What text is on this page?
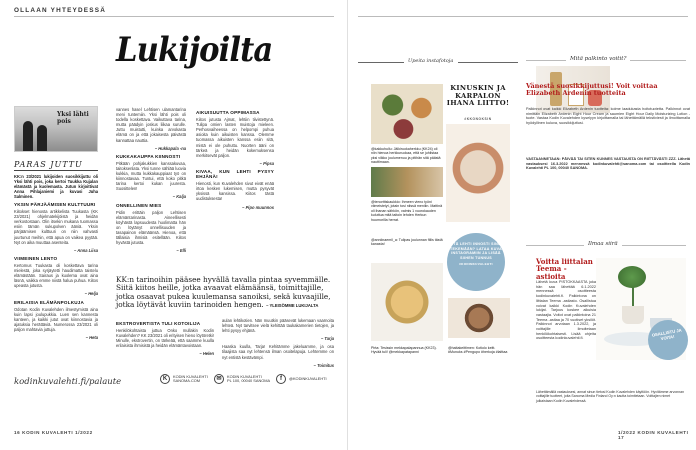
OLLAAN YHTEYDESSÄ
Lukijoilta
Yksi lähti pois
PARAS JUTTU
KK:n 23/2021 lukijoiden suosikkijuttu oli Yksi lähti pois, joka kertoi Tuukka Kujalan elämästä ja kuolemasta. Jutun kirjoittivat Anna Pihlajaniemi ja kuvasi Juha Salminen.
YKSIN PÄRJÄÄMISEN KULTTUURI

Kiitokset hienosta artikkelista Tuukasta (KK 23/2021) ohjelmatekijöistä ja heidän verkostostaan. Olin itsekin mukana tuomassa esiin tämän sukupolven ääniä. Yksin pärjäämisen kulttuuri on niin vahvasti juurtunut meihin, että apua on vaikea pyytää. Nyt on aika muuttaa asenteita.

– Anna Liisa

VIIMEINEN LENTO

Kertomus Tuukasta oli koskettava tarina mielestä, joka syrjäytetti haudimatta taistelu elämästään. Sairaus ja kuolema ovat aina läsnä, vaikka emme niistä halua puhua. Kiitos upeasta jutusta.

– Helja

ERILAISIA ELÄMÄNPOLKUJA

Odotan Kodin Kuvalehden ilmestymistä aina kuin lapsi joulupukkia. Luen sen kannesta kanteen, ja kaikki jutut ovat kiinnostavia ja ajatuksia herättäviä. Numerossa 23/2021 oli paljon mahtavia juttuja.

– Heta

vannes hasel Lehtisen ulamantarina meni tuntemiin. Yksi lähti pois oli todella koskettava. Vaikuttava tarina, mutta päädyin joskus liikaa surulle. Juttu muistutti, kuinka arvokasta elämä on ja että jokaisesta päivästä kannattaa nauttia.

– Hukkapala -na

KUKKAKAUPPA KIINNOSTI

Pitkään pohjakukkien kanssakuvaa, taitoksenlata. Yksi tunne sählää luovia kukkia, mutta kukkakauppiaat työ on kiinnostavaa. Tuntui, että koko pitkä tarina kertoi kukan juuresta. Suosittelen!

– Kalja

ONNELLINEN MIES

Pidin erittäin paljon Lehtisen elämäntarinasta. Aineellisesti köyhästä lapsuudesta huolimatta hän on löytänyt onnellisuuden ja tasapainon elämäänsä. Hienoa, että tällaisia ihmisiä esitellään. Kiitos hyvästä jutusta.

– Elli

AIKUISUUTTA OPPIMASSA

Kiitos jutusta Ajmat, lehtiin tiivistettynä. Tulipa omien lasten muistoja mieleen. Perhosvaiheessa on helpompi puhua asioita kuin aikuisten kanssa. Olemme tuomassa aikuisten kanssa esiin sitä, mistä ei ole puhuttu. Nuorten ääni on tärkeä ja heidän kokemuksensa merkitsevät paljon.

– Pipsa

KIVAA, KUN LEHTI PYSYY EHJÄNÄ!

Hienosti, kun Kuvalehden sivut eivät enää irtoa kesken lukemisen, mutta pysyvät yksissä kansissa. Kiitos tästä uudistuksesta!

– Pipo muunnos

KK:n tarinoihin pääsee hyvällä tavalla pintaa syvemmälle. Siitä kiitos heille, jotka avaavat elämäänsä, toimittajille, jotka osaavat pukea kuulemansa sanoiksi, sekä kuvaajille, jotka löytävät kuviin tarinoiden hengen. – YLEISÖMME LUKIJALTA
EKSTROVERTISTA TULI KOTOILIJA

Henkilökohtaista juttua Onko mullakin Kodin Kuvalehden? KK 23/2021 oli erityisen hieno löytöretki! Minulle, ekstrovertin, on tärkeää, että saamme kuulla erilaisista ihmisistä ja heidän elämäntavoistaan.

– Helen

aulan lehtikotien. Nän muutkin pääsevät lukemaan vaarnoita lehteä. Nyt tarvitsee vielä kehittää taukakamerien tietojen, ja lehti pysyy ehjänä.

– Tarja

Haaska kuulla, Tarja! Kehitämme jakeluamme, ja osa tilaajista saa nyt lehtensä ilman osoitelapuja. Lehtemme on nyt entistä kestävämpi.

– Toimitus

kodinkuvalehti.fi/palaute	K	KODIN KUVALEHTI
SANOMA.COM	✉	KODIN KUVALEHTI
PL 100, 00040 SANOMA	f	@KODINKUVALEHTI
16 KODIN KUVALEHTI 1/2022
Upeita instafotoja
@kakkuhullu: Jälkiruokaherkku (KK24) oli niin hienoa herkkuruokaa, että se juhlistaa yksi viikko joulumenuu ja pitihän sitä päästä nauttimaan.
KINUSKIN JA KARPALON IHANA LIITTO!
#KKONOKSIN
@tenorttiskaukkio: Ihmeen vieno työni viimeistelyt, jotain tosi niissä meniiin. Mattinä oli ihanan sähkön, valmis 1 vuorokauden kuluttua mitä taitoin lehden Herkun huumorilla herrat.
@anniinaemil_a: Tulipas joulunnan fiilis tästä kanasta!	MITÄ LEHTI INNOSTI SINUT TEKEMÄÄN? LATAA KUVA INSTAGRAMIIN JA LISÄÄ SIIHEN TUNNUS
#KODINKUVALEHTI
Pirta: Tesissin mekkapalapannua (KK23). Hyvää tuli! @mekkapatapanni
@haitakeittimen: Kotiolo keitt. #Munuks #Pengupo #herkoja #laittaa
Mitä palkinto voitit?
Vänestä suosikkijuttusi! Voit voittaa Elizabeth Ardenin tuotteita
Palkinnot ovat kaikki Elizabeth Ardenin tuotteita: kolme laadukasta hoitotuotetta. Palkinnot ovat nimittäin Elizabeth Ardenin Eight Hour Cream ja saumien Eight Hour Daily Moisturizing Lotion -tuote. Vastaa Kodin Kuvalehden kyselyyn kirjoittamalla tai lähettämällä tekstiviesti ja ilmoittamalla hyödyllinen kuluva, suosikkijuttusi.
VASTAANNETAAN: PÄIVÄÄ TAI SITEN KUNNES VASTAUSTA ON RIITTÄVÄSTI ZZZ. Lähetä vastauksesi 16.3.2022 mennessä kodinkuvalehti@sanoma.com tai osoitteella Kodin Kuvalehti PL 100, 00040 SANOMA.
Ilmaa siirä
Voitta liittalan Teema -astioita
Lähetä kuva PISTOKKAASTA joka hän saa lähettää 6.1.2022 mennessä osoitteesta kodinkuvalehti.fi. Palkintona on liittalan Teema -astiasto. Osallistua voivat kaikki Kodin Kuvalehden lukijat. Tarjous koskee aikuisia vastaajia. Voitot ovat palkintoina 21 Teema -astiaa ja 70 vuotiset yksilöt. Palkinnot arvotaan 1.3.2022, ja voittajille ilmoitetaan henkilökohtaisesti. Lisää ohjeita osoitteesta kodinkuvalehti.fi.
OSALLISTU JA VOITA!
Lähettämällä vastauksesi, annat sinun tietosi Kodin Kuvalehden käyttöön. Hyvitämme arvonnan voittajille tuotteet, joita Sanoma Media Finland Oy:n kautta toimitetaan. Voittajien nimet julkaistaan Kodin Kuvalehdessä.
1/2022 KODIN KUVALEHTI 17
